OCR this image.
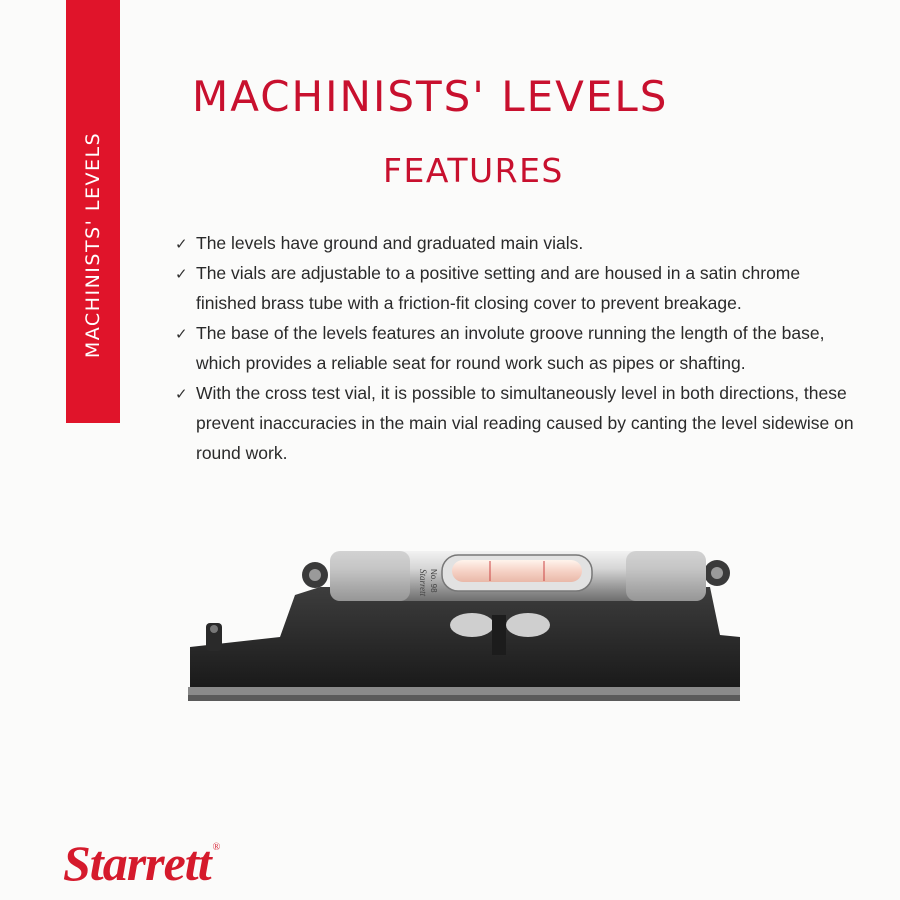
MACHINISTS' LEVELS
MACHINISTS' LEVELS
FEATURES
✓ The levels have ground and graduated main vials.
✓ The vials are adjustable to a positive setting and are housed in a satin chrome finished brass tube with a friction-fit closing cover to prevent breakage.
✓ The base of the levels features an involute groove running the length of the base, which provides a reliable seat for round work such as pipes or shafting.
✓ With the cross test vial, it is possible to simultaneously level in both directions, these prevent inaccuracies in the main vial reading caused by canting the level sidewise on round work.
Starrett No. 98
Starrett ®
